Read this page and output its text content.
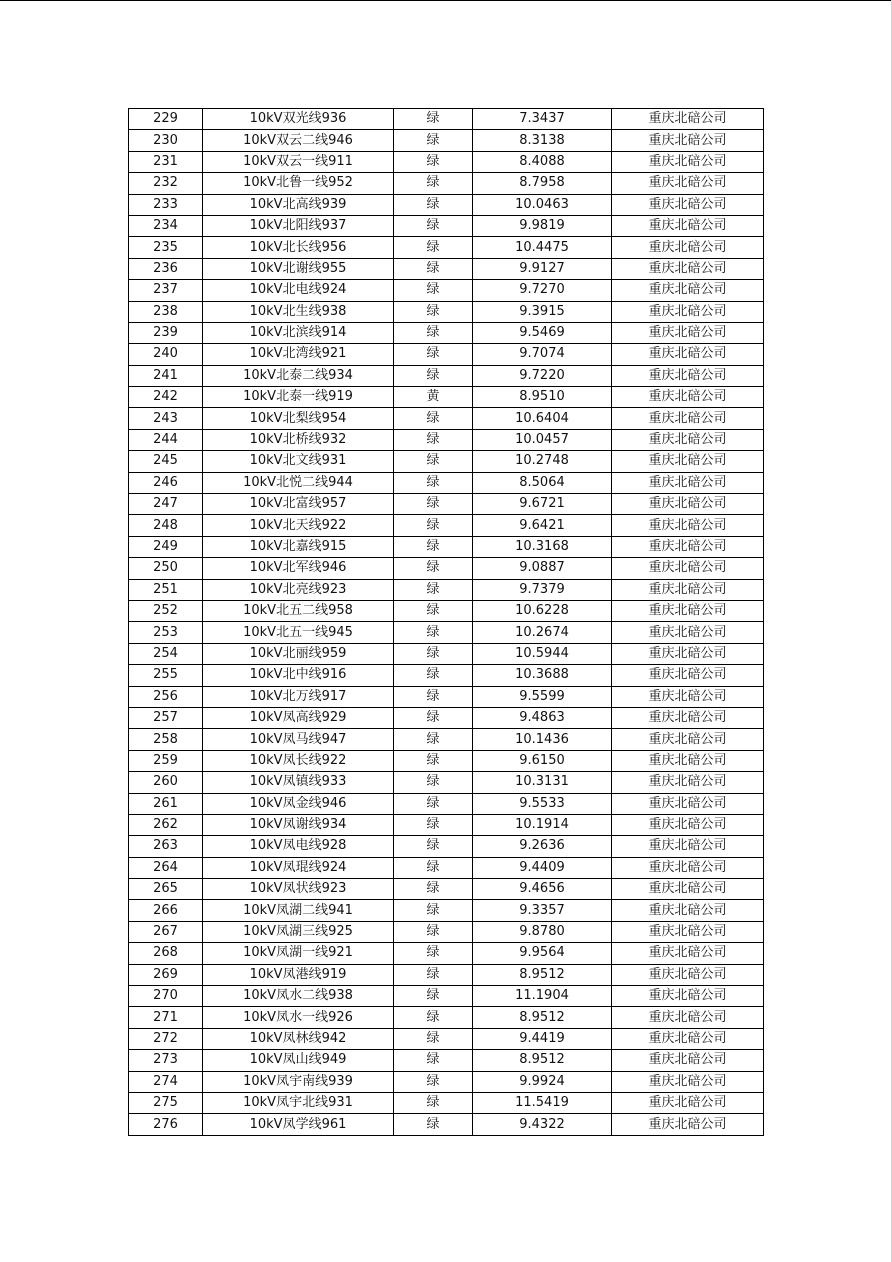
229	10kV双光线936	绿	7.3437	重庆北碚公司
230	10kV双云二线946	绿	8.3138	重庆北碚公司
231	10kV双云一线911	绿	8.4088	重庆北碚公司
232	10kV北鲁一线952	绿	8.7958	重庆北碚公司
233	10kV北高线939	绿	10.0463	重庆北碚公司
234	10kV北阳线937	绿	9.9819	重庆北碚公司
235	10kV北长线956	绿	10.4475	重庆北碚公司
236	10kV北谢线955	绿	9.9127	重庆北碚公司
237	10kV北电线924	绿	9.7270	重庆北碚公司
238	10kV北生线938	绿	9.3915	重庆北碚公司
239	10kV北滨线914	绿	9.5469	重庆北碚公司
240	10kV北湾线921	绿	9.7074	重庆北碚公司
241	10kV北泰二线934	绿	9.7220	重庆北碚公司
242	10kV北泰一线919	黄	8.9510	重庆北碚公司
243	10kV北梨线954	绿	10.6404	重庆北碚公司
244	10kV北桥线932	绿	10.0457	重庆北碚公司
245	10kV北文线931	绿	10.2748	重庆北碚公司
246	10kV北悦二线944	绿	8.5064	重庆北碚公司
247	10kV北富线957	绿	9.6721	重庆北碚公司
248	10kV北天线922	绿	9.6421	重庆北碚公司
249	10kV北嘉线915	绿	10.3168	重庆北碚公司
250	10kV北军线946	绿	9.0887	重庆北碚公司
251	10kV北亮线923	绿	9.7379	重庆北碚公司
252	10kV北五二线958	绿	10.6228	重庆北碚公司
253	10kV北五一线945	绿	10.2674	重庆北碚公司
254	10kV北丽线959	绿	10.5944	重庆北碚公司
255	10kV北中线916	绿	10.3688	重庆北碚公司
256	10kV北万线917	绿	9.5599	重庆北碚公司
257	10kV凤高线929	绿	9.4863	重庆北碚公司
258	10kV凤马线947	绿	10.1436	重庆北碚公司
259	10kV凤长线922	绿	9.6150	重庆北碚公司
260	10kV凤镇线933	绿	10.3131	重庆北碚公司
261	10kV凤金线946	绿	9.5533	重庆北碚公司
262	10kV凤谢线934	绿	10.1914	重庆北碚公司
263	10kV凤电线928	绿	9.2636	重庆北碚公司
264	10kV凤琨线924	绿	9.4409	重庆北碚公司
265	10kV凤状线923	绿	9.4656	重庆北碚公司
266	10kV凤湖二线941	绿	9.3357	重庆北碚公司
267	10kV凤湖三线925	绿	9.8780	重庆北碚公司
268	10kV凤湖一线921	绿	9.9564	重庆北碚公司
269	10kV凤港线919	绿	8.9512	重庆北碚公司
270	10kV凤水二线938	绿	11.1904	重庆北碚公司
271	10kV凤水一线926	绿	8.9512	重庆北碚公司
272	10kV凤林线942	绿	9.4419	重庆北碚公司
273	10kV凤山线949	绿	8.9512	重庆北碚公司
274	10kV凤宇南线939	绿	9.9924	重庆北碚公司
275	10kV凤宇北线931	绿	11.5419	重庆北碚公司
276	10kV凤学线961	绿	9.4322	重庆北碚公司
